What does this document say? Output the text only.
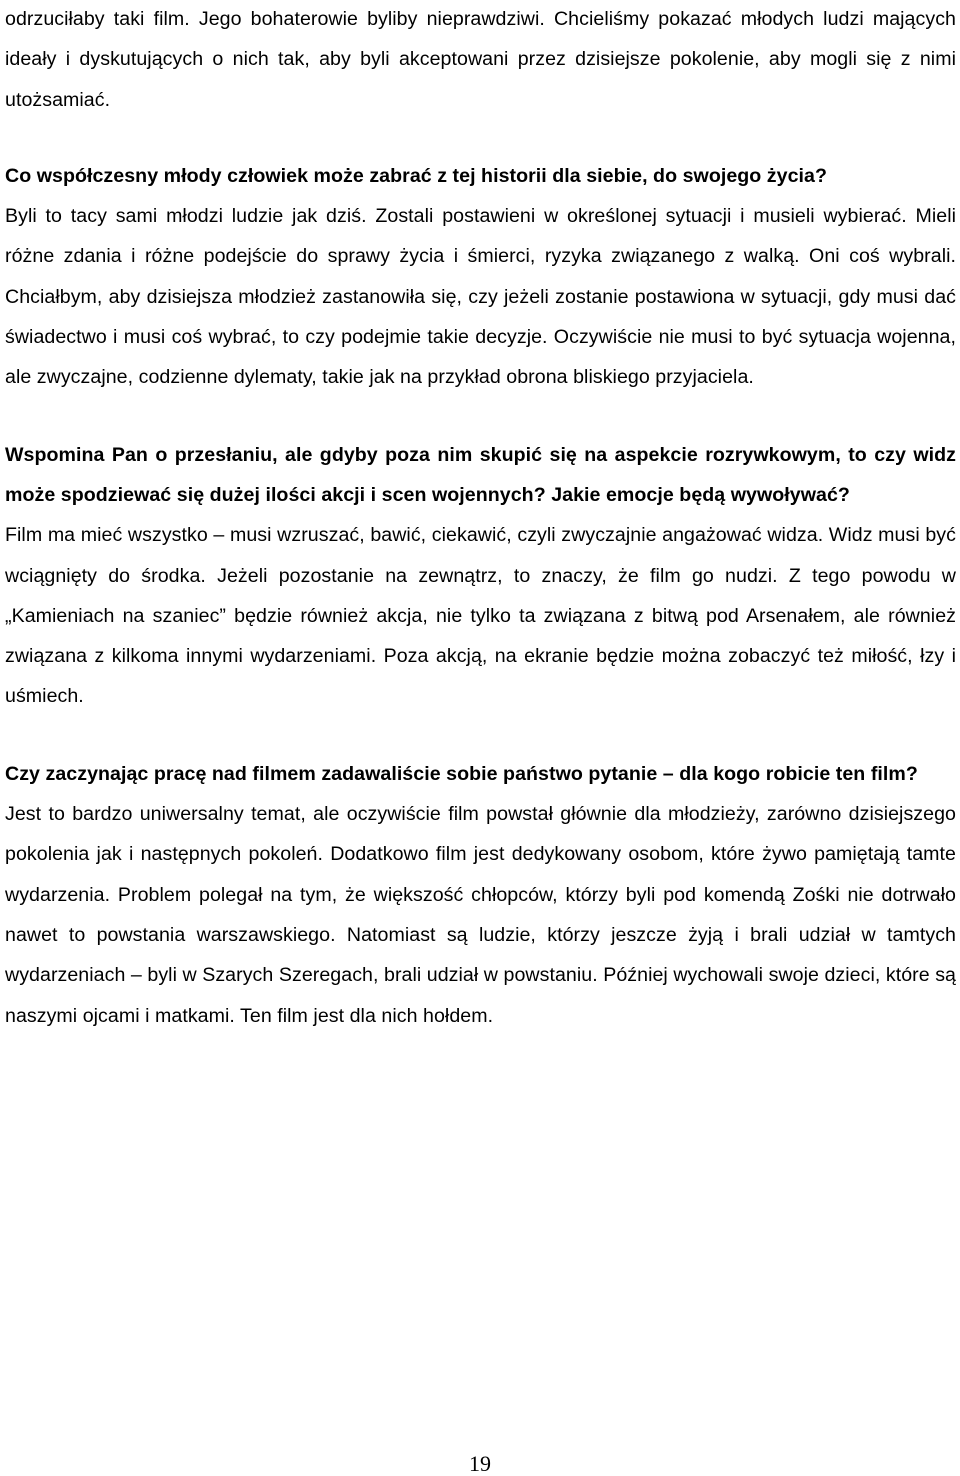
odrzuciłaby taki film. Jego bohaterowie byliby nieprawdziwi. Chcieliśmy pokazać młodych ludzi mających ideały i dyskutujących o nich tak, aby byli akceptowani przez dzisiejsze pokolenie, aby mogli się z nimi utożsamiać.

Co współczesny młody człowiek może zabrać z tej historii dla siebie, do swojego życia?

Byli to tacy sami młodzi ludzie jak dziś. Zostali postawieni w określonej sytuacji i musieli wybierać. Mieli różne zdania i różne podejście do sprawy życia i śmierci, ryzyka związanego z walką. Oni coś wybrali. Chciałbym, aby dzisiejsza młodzież zastanowiła się, czy jeżeli zostanie postawiona w sytuacji, gdy musi dać świadectwo i musi coś wybrać, to czy podejmie takie decyzje. Oczywiście nie musi to być sytuacja wojenna, ale zwyczajne, codzienne dylematy, takie jak na przykład obrona bliskiego przyjaciela.

Wspomina Pan o przesłaniu, ale gdyby poza nim skupić się na aspekcie rozrywkowym, to czy widz może spodziewać się dużej ilości akcji i scen wojennych? Jakie emocje będą wywoływać?

Film ma mieć wszystko – musi wzruszać, bawić, ciekawić, czyli zwyczajnie angażować widza. Widz musi być wciągnięty do środka. Jeżeli pozostanie na zewnątrz, to znaczy, że film go nudzi. Z tego powodu w „Kamieniach na szaniec” będzie również akcja, nie tylko ta związana z bitwą pod Arsenałem, ale również związana z kilkoma innymi wydarzeniami. Poza akcją, na ekranie będzie można zobaczyć też miłość, łzy i uśmiech.

Czy zaczynając pracę nad filmem zadawaliście sobie państwo pytanie – dla kogo robicie ten film?

Jest to bardzo uniwersalny temat, ale oczywiście film powstał głównie dla młodzieży, zarówno dzisiejszego pokolenia jak i następnych pokoleń. Dodatkowo film jest dedykowany osobom, które żywo pamiętają tamte wydarzenia. Problem polegał na tym, że większość chłopców, którzy byli pod komendą Zośki nie dotrwało nawet to powstania warszawskiego. Natomiast są ludzie, którzy jeszcze żyją i brali udział w tamtych wydarzeniach – byli w Szarych Szeregach, brali udział w powstaniu. Później wychowali swoje dzieci, które są naszymi ojcami i matkami. Ten film jest dla nich hołdem.

19
